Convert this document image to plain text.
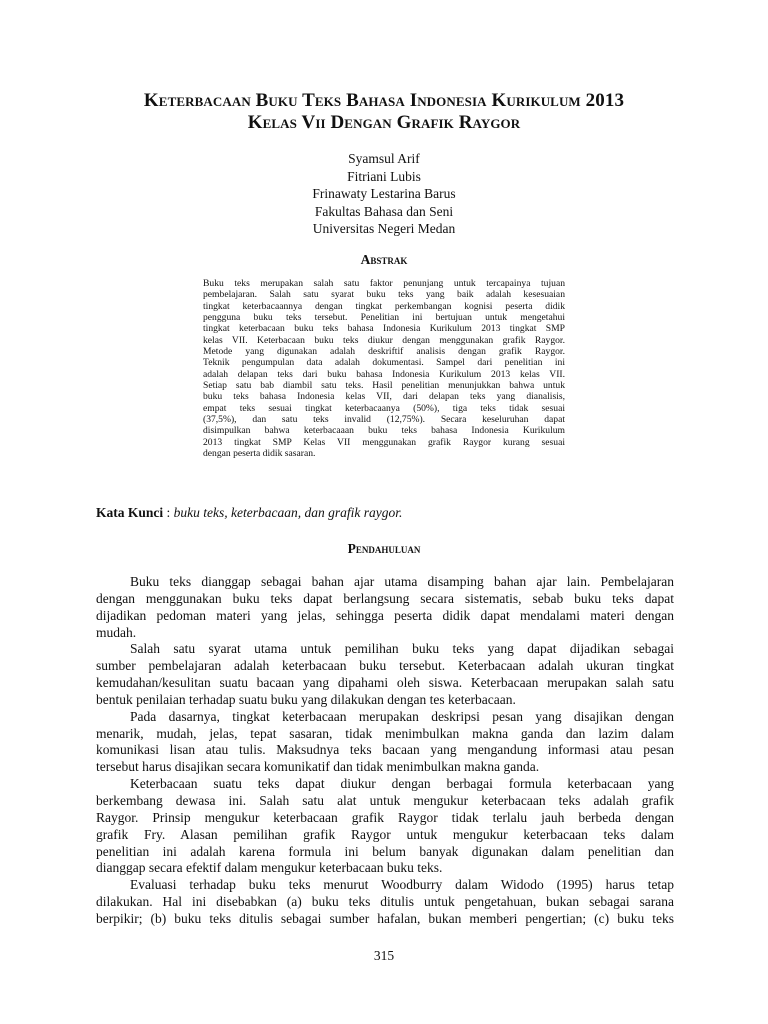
Keterbacaan Buku Teks Bahasa Indonesia Kurikulum 2013
Kelas Vii Dengan Grafik Raygor
Syamsul Arif
Fitriani Lubis
Frinawaty Lestarina Barus
Fakultas Bahasa dan Seni
Universitas Negeri Medan
Abstrak
Buku teks merupakan salah satu faktor penunjang untuk tercapainya tujuan
pembelajaran. Salah satu syarat buku teks yang baik adalah kesesuaian
tingkat keterbacaannya dengan tingkat perkembangan kognisi peserta didik
pengguna buku teks tersebut. Penelitian ini bertujuan untuk mengetahui
tingkat keterbacaan buku teks bahasa Indonesia Kurikulum 2013 tingkat SMP
kelas VII. Keterbacaan buku teks diukur dengan menggunakan grafik Raygor.
Metode yang digunakan adalah deskriftif analisis dengan grafik Raygor.
Teknik pengumpulan data adalah dokumentasi. Sampel dari penelitian ini
adalah delapan teks dari buku bahasa Indonesia Kurikulum 2013 kelas VII.
Setiap satu bab diambil satu teks. Hasil penelitian menunjukkan bahwa untuk
buku teks bahasa Indonesia kelas VII, dari delapan teks yang dianalisis,
empat teks sesuai tingkat keterbacaanya (50%), tiga teks tidak sesuai
(37,5%), dan satu teks invalid (12,75%). Secara keseluruhan dapat
disimpulkan bahwa keterbacaaan buku teks bahasa Indonesia Kurikulum
2013 tingkat SMP Kelas VII menggunakan grafik Raygor kurang sesuai
dengan peserta didik sasaran.
Kata Kunci : buku teks, keterbacaan, dan grafik raygor.
Pendahuluan
Buku teks dianggap sebagai bahan ajar utama disamping bahan ajar lain. Pembelajaran
dengan menggunakan buku teks dapat berlangsung secara sistematis, sebab buku teks dapat
dijadikan pedoman materi yang jelas, sehingga peserta didik dapat mendalami materi dengan
mudah.
Salah satu syarat utama untuk pemilihan buku teks yang dapat dijadikan sebagai
sumber pembelajaran adalah keterbacaan buku tersebut. Keterbacaan adalah ukuran tingkat
kemudahan/kesulitan suatu bacaan yang dipahami oleh siswa. Keterbacaan merupakan salah satu
bentuk penilaian terhadap suatu buku yang dilakukan dengan tes keterbacaan.
Pada dasarnya, tingkat keterbacaan merupakan deskripsi pesan yang disajikan dengan
menarik, mudah, jelas, tepat sasaran, tidak menimbulkan makna ganda dan lazim dalam
komunikasi lisan atau tulis. Maksudnya teks bacaan yang mengandung informasi atau pesan
tersebut harus disajikan secara komunikatif dan tidak menimbulkan makna ganda.
Keterbacaan suatu teks dapat diukur dengan berbagai formula keterbacaan yang
berkembang dewasa ini. Salah satu alat untuk mengukur keterbacaan teks adalah grafik
Raygor. Prinsip mengukur keterbacaan grafik Raygor tidak terlalu jauh berbeda dengan
grafik Fry. Alasan pemilihan grafik Raygor untuk mengukur keterbacaan teks dalam
penelitian ini adalah karena formula ini belum banyak digunakan dalam penelitian dan
dianggap secara efektif dalam mengukur keterbacaan buku teks.
Evaluasi terhadap buku teks menurut Woodburry dalam Widodo (1995) harus tetap
dilakukan. Hal ini disebabkan (a) buku teks ditulis untuk pengetahuan, bukan sebagai sarana
berpikir; (b) buku teks ditulis sebagai sumber hafalan, bukan memberi pengertian; (c) buku teks
315
